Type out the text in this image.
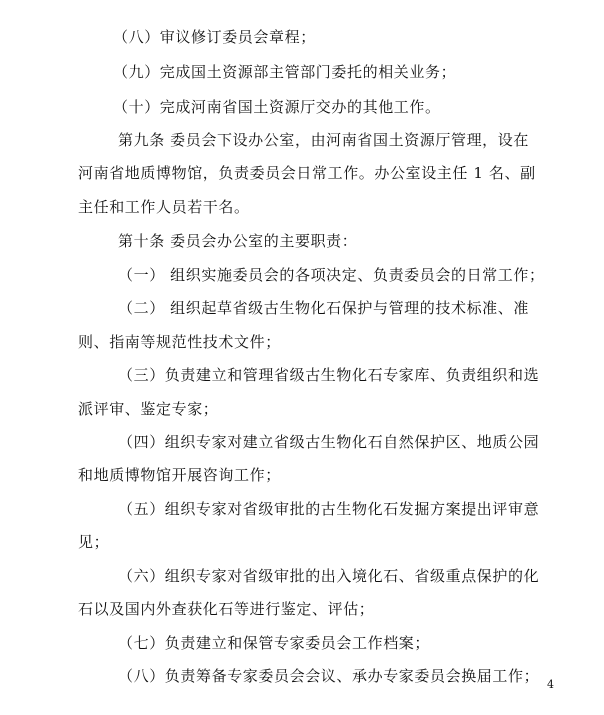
（八）审议修订委员会章程；
（九）完成国土资源部主管部门委托的相关业务；
（十）完成河南省国土资源厅交办的其他工作。
第九条 委员会下设办公室，由河南省国土资源厅管理，设在
河南省地质博物馆，负责委员会日常工作。办公室设主任 1 名、副
主任和工作人员若干名。
第十条 委员会办公室的主要职责：
（一） 组织实施委员会的各项决定、负责委员会的日常工作；
（二） 组织起草省级古生物化石保护与管理的技术标准、准
则、指南等规范性技术文件；
（三）负责建立和管理省级古生物化石专家库、负责组织和选
派评审、鉴定专家；
（四）组织专家对建立省级古生物化石自然保护区、地质公园
和地质博物馆开展咨询工作；
（五）组织专家对省级审批的古生物化石发掘方案提出评审意
见；
（六）组织专家对省级审批的出入境化石、省级重点保护的化
石以及国内外查获化石等进行鉴定、评估；
（七）负责建立和保管专家委员会工作档案；
（八）负责筹备专家委员会会议、承办专家委员会换届工作； 4
